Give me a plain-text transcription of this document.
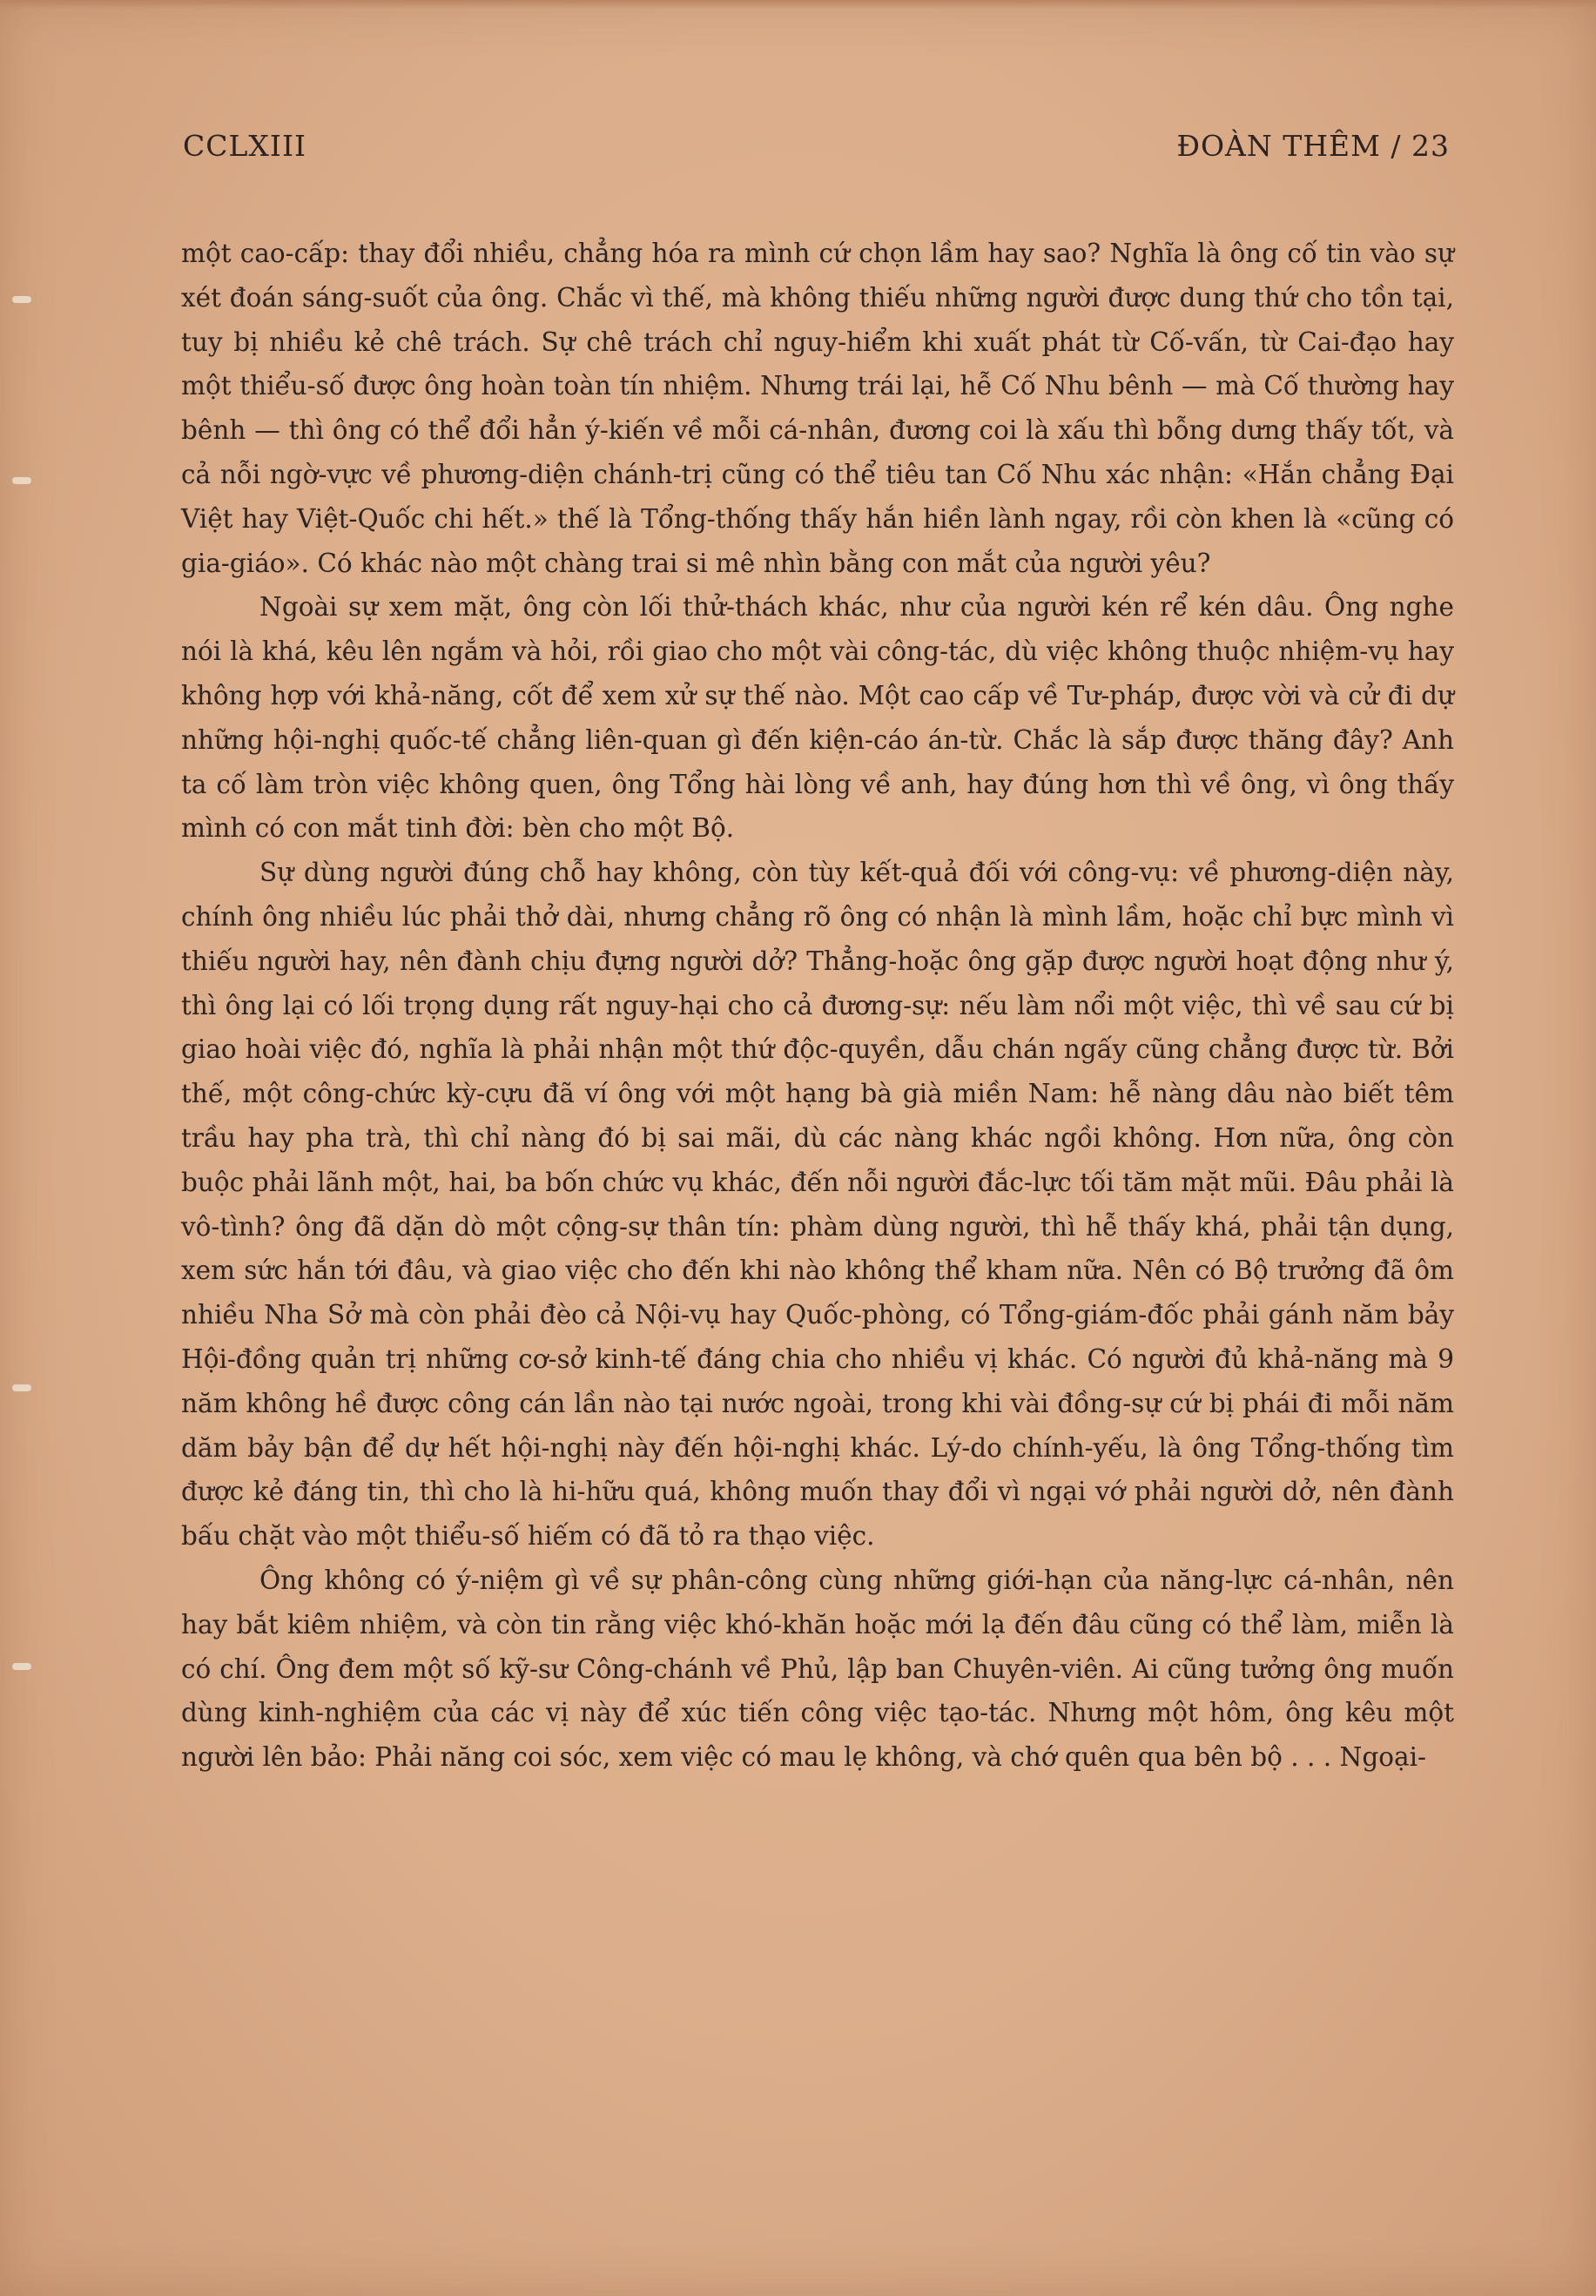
CCLXIII	ĐOÀN THÊM / 23

một cao-cấp: thay đổi nhiều, chẳng hóa ra mình cứ chọn lầm hay sao? Nghĩa là ông cố tin vào sự xét đoán sáng-suốt của ông. Chắc vì thế, mà không thiếu những người được dung thứ cho tồn tại, tuy bị nhiều kẻ chê trách. Sự chê trách chỉ nguy-hiểm khi xuất phát từ Cố-vấn, từ Cai-đạo hay một thiểu-số được ông hoàn toàn tín nhiệm. Nhưng trái lại, hễ Cố Nhu bênh — mà Cố thường hay bênh — thì ông có thể đổi hẳn ý-kiến về mỗi cá-nhân, đương coi là xấu thì bỗng dưng thấy tốt, và cả nỗi ngờ-vực về phương-diện chánh-trị cũng có thể tiêu tan Cố Nhu xác nhận: «Hắn chẳng Đại Việt hay Việt-Quốc chi hết.» thế là Tổng-thống thấy hắn hiền lành ngay, rồi còn khen là «cũng có gia-giáo». Có khác nào một chàng trai si mê nhìn bằng con mắt của người yêu?

Ngoài sự xem mặt, ông còn lối thử-thách khác, như của người kén rể kén dâu. Ông nghe nói là khá, kêu lên ngắm và hỏi, rồi giao cho một vài công-tác, dù việc không thuộc nhiệm-vụ hay không hợp với khả-năng, cốt để xem xử sự thế nào. Một cao cấp về Tư-pháp, được vời và cử đi dự những hội-nghị quốc-tế chẳng liên-quan gì đến kiện-cáo án-từ. Chắc là sắp được thăng đây? Anh ta cố làm tròn việc không quen, ông Tổng hài lòng về anh, hay đúng hơn thì về ông, vì ông thấy mình có con mắt tinh đời: bèn cho một Bộ.

Sự dùng người đúng chỗ hay không, còn tùy kết-quả đối với công-vụ: về phương-diện này, chính ông nhiều lúc phải thở dài, nhưng chẳng rõ ông có nhận là mình lầm, hoặc chỉ bực mình vì thiếu người hay, nên đành chịu đựng người dở? Thẳng-hoặc ông gặp được người hoạt động như ý, thì ông lại có lối trọng dụng rất nguy-hại cho cả đương-sự: nếu làm nổi một việc, thì về sau cứ bị giao hoài việc đó, nghĩa là phải nhận một thứ độc-quyền, dẫu chán ngấy cũng chẳng được từ. Bởi thế, một công-chức kỳ-cựu đã ví ông với một hạng bà già miền Nam: hễ nàng dâu nào biết têm trầu hay pha trà, thì chỉ nàng đó bị sai mãi, dù các nàng khác ngồi không. Hơn nữa, ông còn buộc phải lãnh một, hai, ba bốn chức vụ khác, đến nỗi người đắc-lực tối tăm mặt mũi. Đâu phải là vô-tình? ông đã dặn dò một cộng-sự thân tín: phàm dùng người, thì hễ thấy khá, phải tận dụng, xem sức hắn tới đâu, và giao việc cho đến khi nào không thể kham nữa. Nên có Bộ trưởng đã ôm nhiều Nha Sở mà còn phải đèo cả Nội-vụ hay Quốc-phòng, có Tổng-giám-đốc phải gánh năm bảy Hội-đồng quản trị những cơ-sở kinh-tế đáng chia cho nhiều vị khác. Có người đủ khả-năng mà 9 năm không hề được công cán lần nào tại nước ngoài, trong khi vài đồng-sự cứ bị phái đi mỗi năm dăm bảy bận để dự hết hội-nghị này đến hội-nghị khác. Lý-do chính-yếu, là ông Tổng-thống tìm được kẻ đáng tin, thì cho là hi-hữu quá, không muốn thay đổi vì ngại vớ phải người dở, nên đành bấu chặt vào một thiểu-số hiếm có đã tỏ ra thạo việc.

Ông không có ý-niệm gì về sự phân-công cùng những giới-hạn của năng-lực cá-nhân, nên hay bắt kiêm nhiệm, và còn tin rằng việc khó-khăn hoặc mới lạ đến đâu cũng có thể làm, miễn là có chí. Ông đem một số kỹ-sư Công-chánh về Phủ, lập ban Chuyên-viên. Ai cũng tưởng ông muốn dùng kinh-nghiệm của các vị này để xúc tiến công việc tạo-tác. Nhưng một hôm, ông kêu một người lên bảo: Phải năng coi sóc, xem việc có mau lẹ không, và chớ quên qua bên bộ . . . Ngoại-
